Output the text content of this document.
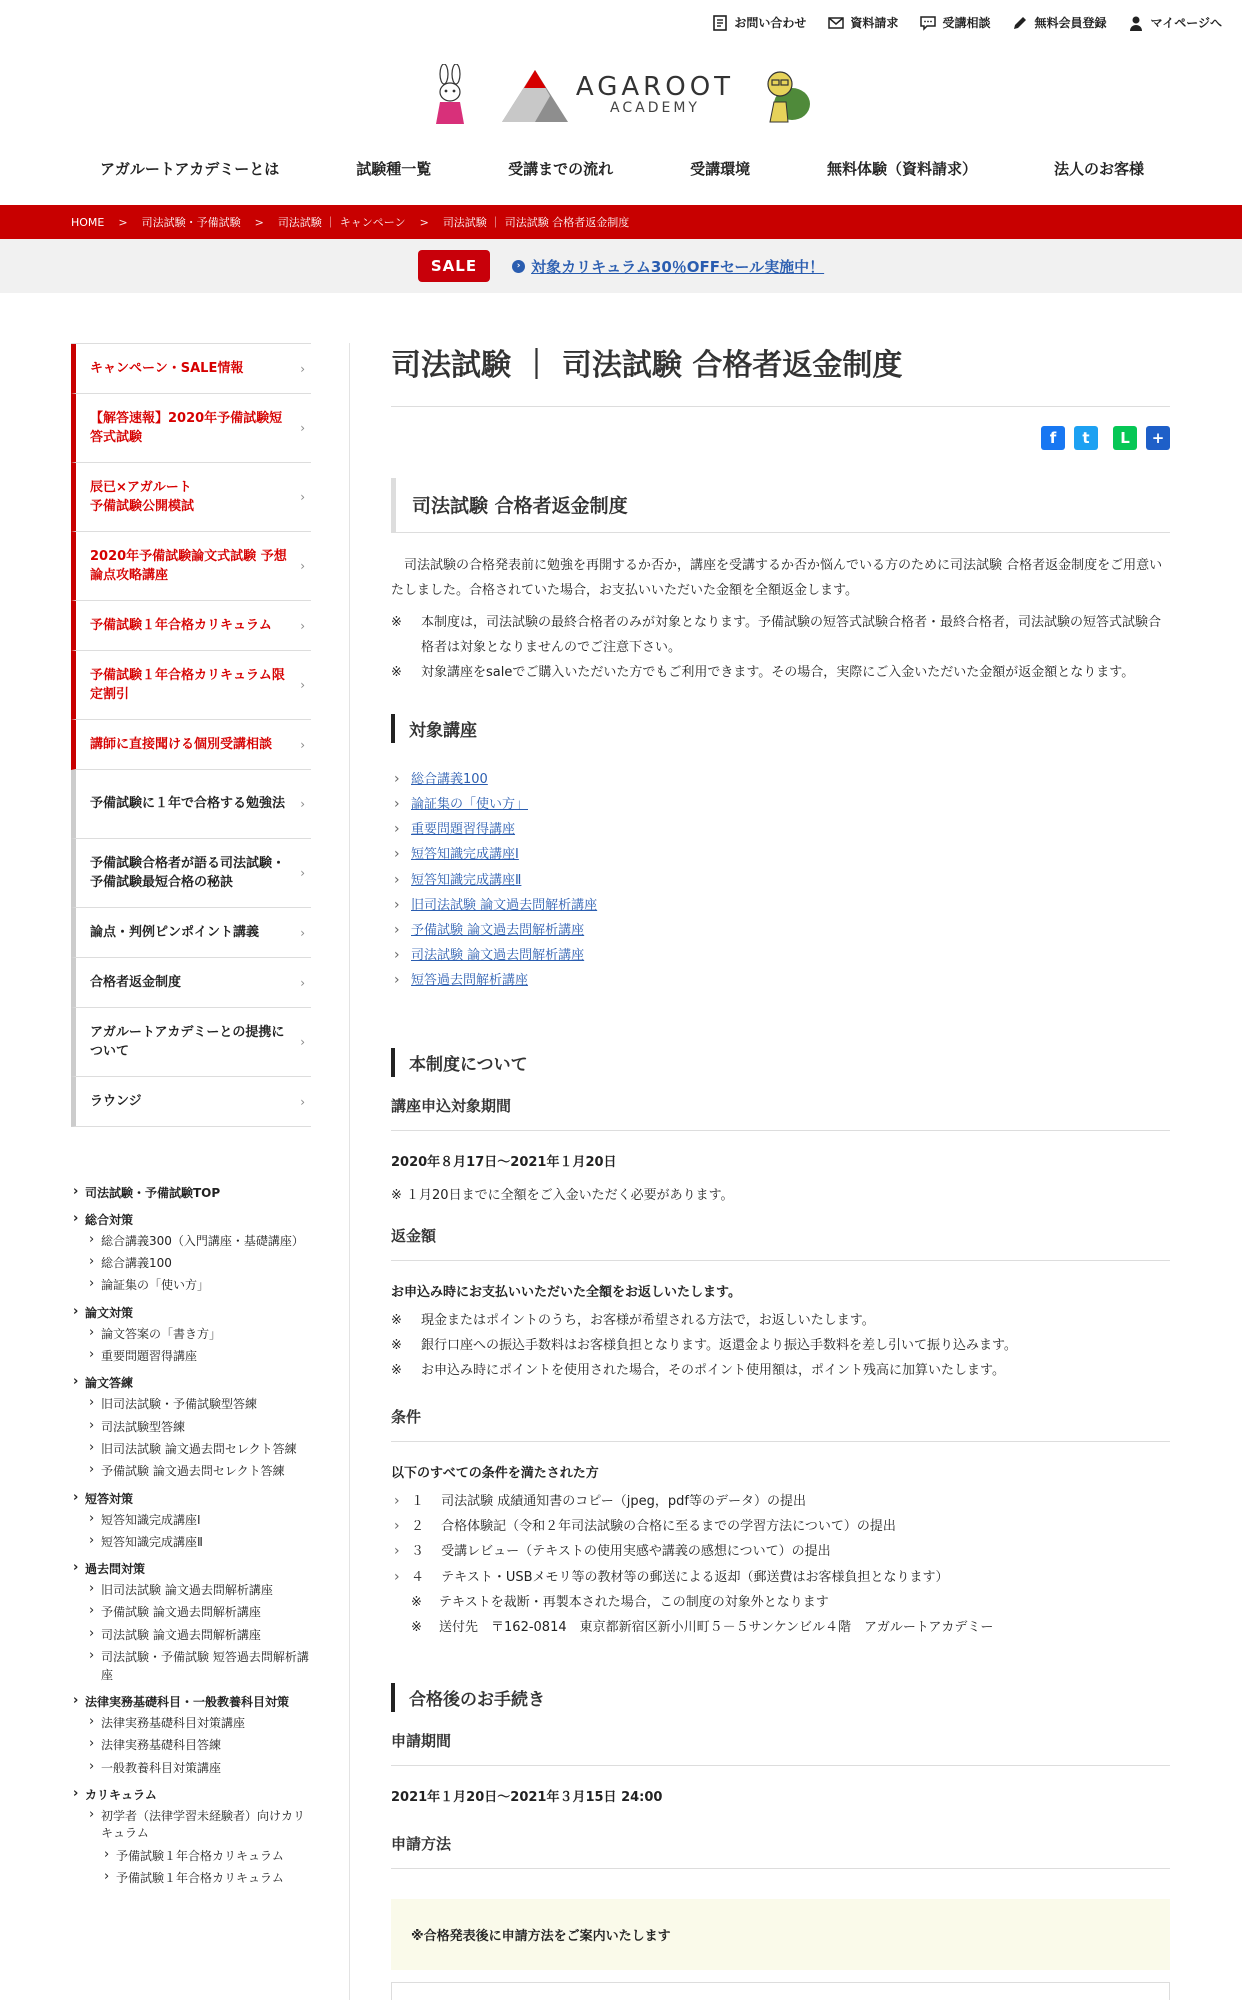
お問い合わせ	資料請求	受講相談	無料会員登録	マイページへ
AGAROOT
ACADEMY
アガルートアカデミーとは	試験種一覧	受講までの流れ	受講環境	無料体験（資料請求）	法人のお客様
HOME > 司法試験・予備試験 > 司法試験 ｜ キャンペーン > 司法試験 ｜ 司法試験 合格者返金制度
SALE	› 対象カリキュラム30％OFFセール実施中！
キャンペーン・SALE情報	›
【解答速報】2020年予備試験短答式試験
›
辰已×アガルート
予備試験公開模試
›
2020年予備試験論文式試験 予想論点攻略講座
›
予備試験１年合格カリキュラム ›
予備試験１年合格カリキュラム限定割引
›
講師に直接聞ける個別受講相談 ›
予備試験に１年で合格する勉強法 ›
予備試験合格者が語る司法試験・予備試験最短合格の秘訣
›
論点・判例ピンポイント講義	›
合格者返金制度	›
アガルートアカデミーとの提携について
›
ラウンジ	›
› 司法試験・予備試験TOP
› 総合対策
› 総合講義300（入門講座・基礎講座）
› 総合講義100
› 論証集の「使い方」
› 論文対策
› 論文答案の「書き方」
› 重要問題習得講座
› 論文答練
› 旧司法試験・予備試験型答練
› 司法試験型答練
› 旧司法試験 論文過去問セレクト答練
› 予備試験 論文過去問セレクト答練
› 短答対策
› 短答知識完成講座Ⅰ
› 短答知識完成講座Ⅱ
› 過去問対策
› 旧司法試験 論文過去問解析講座
› 予備試験 論文過去問解析講座
› 司法試験 論文過去問解析講座
› 司法試験・予備試験 短答過去問解析講座
› 法律実務基礎科目・一般教養科目対策
› 法律実務基礎科目対策講座
› 法律実務基礎科目答練
› 一般教養科目対策講座
› カリキュラム
› 初学者（法律学習未経験者）向けカリキュラム
› 予備試験１年合格カリキュラム
› 予備試験１年合格カリキュラム
司法試験 ｜ 司法試験 合格者返金制度
f	t	L	+
司法試験 合格者返金制度

司法試験の合格発表前に勉強を再開するか否か，講座を受講するか否か悩んでいる方のために司法試験 合格者返金制度をご用意いたしました。合格されていた場合，お支払いいただいた金額を全額返金します。

※ 本制度は，司法試験の最終合格者のみが対象となります。予備試験の短答式試験合格者・最終合格者，司法試験の短答式試験合格者は対象となりませんのでご注意下さい。
※ 対象講座をsaleでご購入いただいた方でもご利用できます。その場合，実際にご入金いただいた金額が返金額となります。
対象講座
› 総合講義100
› 論証集の「使い方」
› 重要問題習得講座
› 短答知識完成講座Ⅰ
› 短答知識完成講座Ⅱ
› 旧司法試験 論文過去問解析講座
› 予備試験 論文過去問解析講座
› 司法試験 論文過去問解析講座
› 短答過去問解析講座
本制度について
講座申込対象期間

2020年８月17日～2021年１月20日

※ １月20日までに全額をご入金いただく必要があります。

返金額

お申込み時にお支払いいただいた全額をお返しいたします。

※ 現金またはポイントのうち，お客様が希望される方法で，お返しいたします。
※ 銀行口座への振込手数料はお客様負担となります。返還金より振込手数料を差し引いて振り込みます。
※ お申込み時にポイントを使用された場合，そのポイント使用額は，ポイント残高に加算いたします。
条件

以下のすべての条件を満たされた方

› １　 司法試験 成績通知書のコピー（jpeg，pdf等のデータ）の提出
› ２　 合格体験記（令和２年司法試験の合格に至るまでの学習方法について）の提出
› ３　 受講レビュー（テキストの使用実感や講義の感想について）の提出
› ４　 テキスト・USBメモリ等の教材等の郵送による返却（郵送費はお客様負担となります）
※　 テキストを裁断・再製本された場合，この制度の対象外となります
※　 送付先　〒162-0814　東京都新宿区新小川町５－５サンケンビル４階　アガルートアカデミー
合格後のお手続き
申請期間

2021年１月20日～2021年３月15日 24:00

申請方法
※合格発表後に申請方法をご案内いたします
